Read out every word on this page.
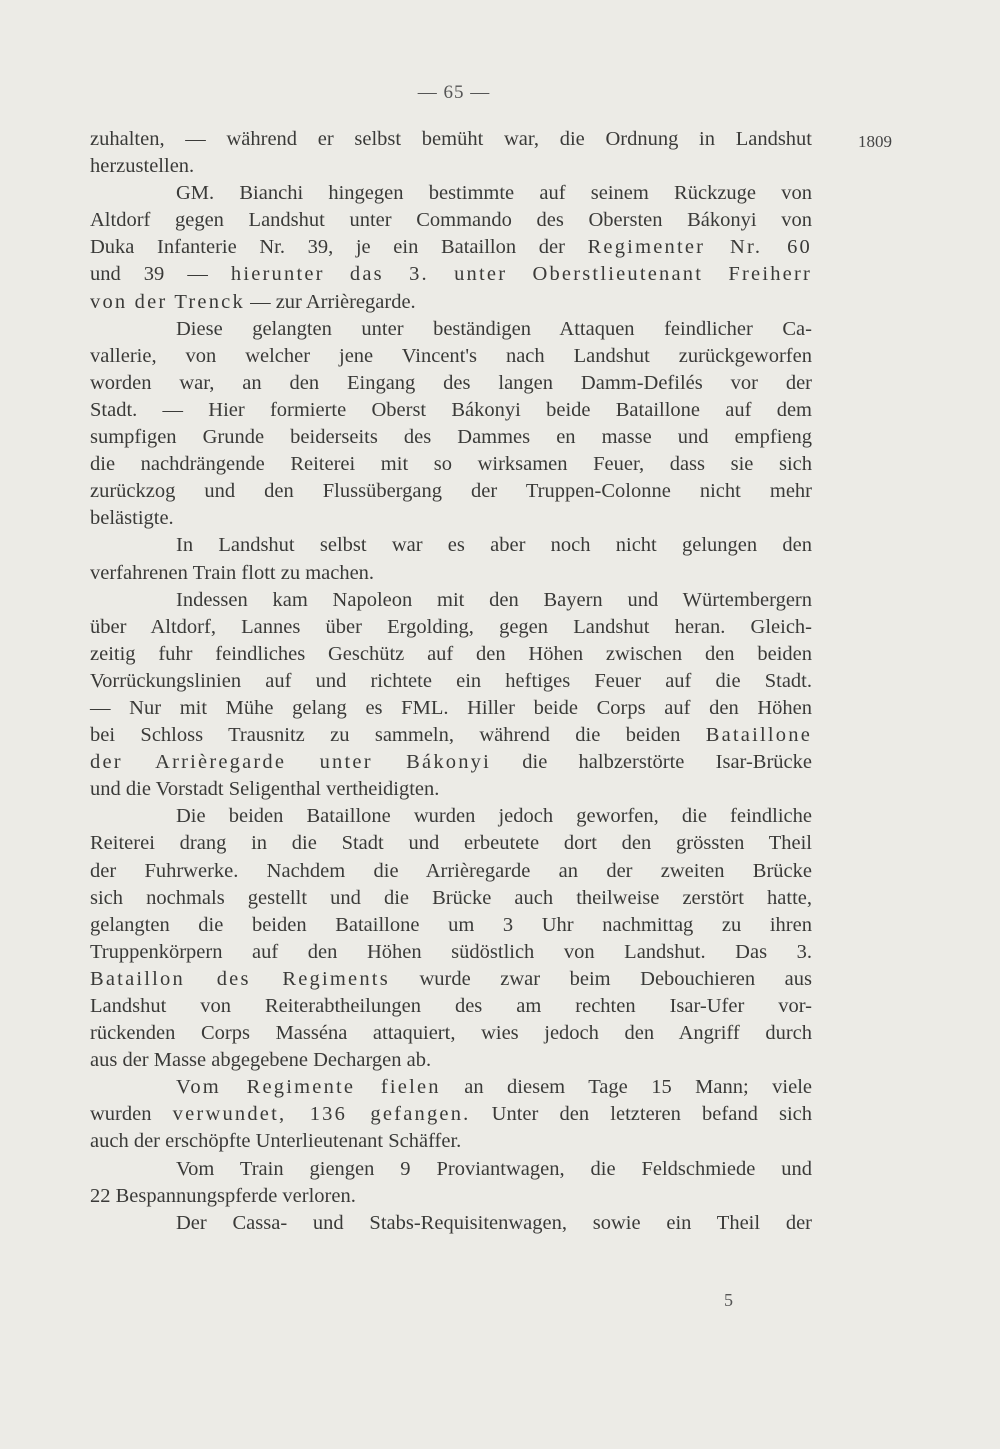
— 65 —
1809
zuhalten, — während er selbst bemüht war, die Ordnung in Landshut
herzustellen.
GM. Bianchi hingegen bestimmte auf seinem Rückzuge von
Altdorf gegen Landshut unter Commando des Obersten Bákonyi von
Duka Infanterie Nr. 39, je ein Bataillon der Regimenter Nr. 60
und 39 — hierunter das 3. unter Oberstlieutenant Freiherr
von der Trenck — zur Arrièregarde.
Diese gelangten unter beständigen Attaquen feindlicher Ca-
vallerie, von welcher jene Vincent's nach Landshut zurückgeworfen
worden war, an den Eingang des langen Damm-Defilés vor der
Stadt. — Hier formierte Oberst Bákonyi beide Bataillone auf dem
sumpfigen Grunde beiderseits des Dammes en masse und empfieng
die nachdrängende Reiterei mit so wirksamen Feuer, dass sie sich
zurückzog und den Flussübergang der Truppen-Colonne nicht mehr
belästigte.
In Landshut selbst war es aber noch nicht gelungen den
verfahrenen Train flott zu machen.
Indessen kam Napoleon mit den Bayern und Würtembergern
über Altdorf, Lannes über Ergolding, gegen Landshut heran. Gleich-
zeitig fuhr feindliches Geschütz auf den Höhen zwischen den beiden
Vorrückungslinien auf und richtete ein heftiges Feuer auf die Stadt.
— Nur mit Mühe gelang es FML. Hiller beide Corps auf den Höhen
bei Schloss Trausnitz zu sammeln, während die beiden Bataillone
der Arrièregarde unter Bákonyi die halbzerstörte Isar-Brücke
und die Vorstadt Seligenthal vertheidigten.
Die beiden Bataillone wurden jedoch geworfen, die feindliche
Reiterei drang in die Stadt und erbeutete dort den grössten Theil
der Fuhrwerke. Nachdem die Arrièregarde an der zweiten Brücke
sich nochmals gestellt und die Brücke auch theilweise zerstört hatte,
gelangten die beiden Bataillone um 3 Uhr nachmittag zu ihren
Truppenkörpern auf den Höhen südöstlich von Landshut. Das 3.
Bataillon des Regiments wurde zwar beim Debouchieren aus
Landshut von Reiterabtheilungen des am rechten Isar-Ufer vor-
rückenden Corps Masséna attaquiert, wies jedoch den Angriff durch
aus der Masse abgegebene Dechargen ab.
Vom Regimente fielen an diesem Tage 15 Mann; viele
wurden verwundet, 136 gefangen. Unter den letzteren befand sich
auch der erschöpfte Unterlieutenant Schäffer.
Vom Train giengen 9 Proviantwagen, die Feldschmiede und
22 Bespannungspferde verloren.
Der Cassa- und Stabs-Requisitenwagen, sowie ein Theil der
5
